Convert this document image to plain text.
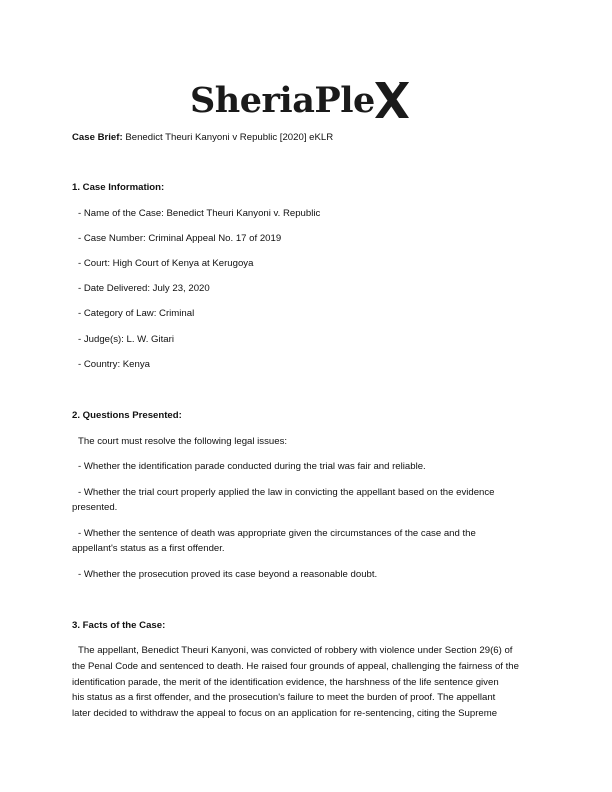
SheriaPle
Case Brief: Benedict Theuri Kanyoni v Republic [2020] eKLR
1. Case Information:
- Name of the Case: Benedict Theuri Kanyoni v. Republic
- Case Number: Criminal Appeal No. 17 of 2019
- Court: High Court of Kenya at Kerugoya
- Date Delivered: July 23, 2020
- Category of Law: Criminal
- Judge(s): L. W. Gitari
- Country: Kenya
2. Questions Presented:
The court must resolve the following legal issues:
- Whether the identification parade conducted during the trial was fair and reliable.
- Whether the trial court properly applied the law in convicting the appellant based on the evidence
presented.
- Whether the sentence of death was appropriate given the circumstances of the case and the
appellant's status as a first offender.
- Whether the prosecution proved its case beyond a reasonable doubt.
3. Facts of the Case:
The appellant, Benedict Theuri Kanyoni, was convicted of robbery with violence under Section 29(6) of
the Penal Code and sentenced to death. He raised four grounds of appeal, challenging the fairness of the
identification parade, the merit of the identification evidence, the harshness of the life sentence given
his status as a first offender, and the prosecution's failure to meet the burden of proof. The appellant
later decided to withdraw the appeal to focus on an application for re-sentencing, citing the Supreme
